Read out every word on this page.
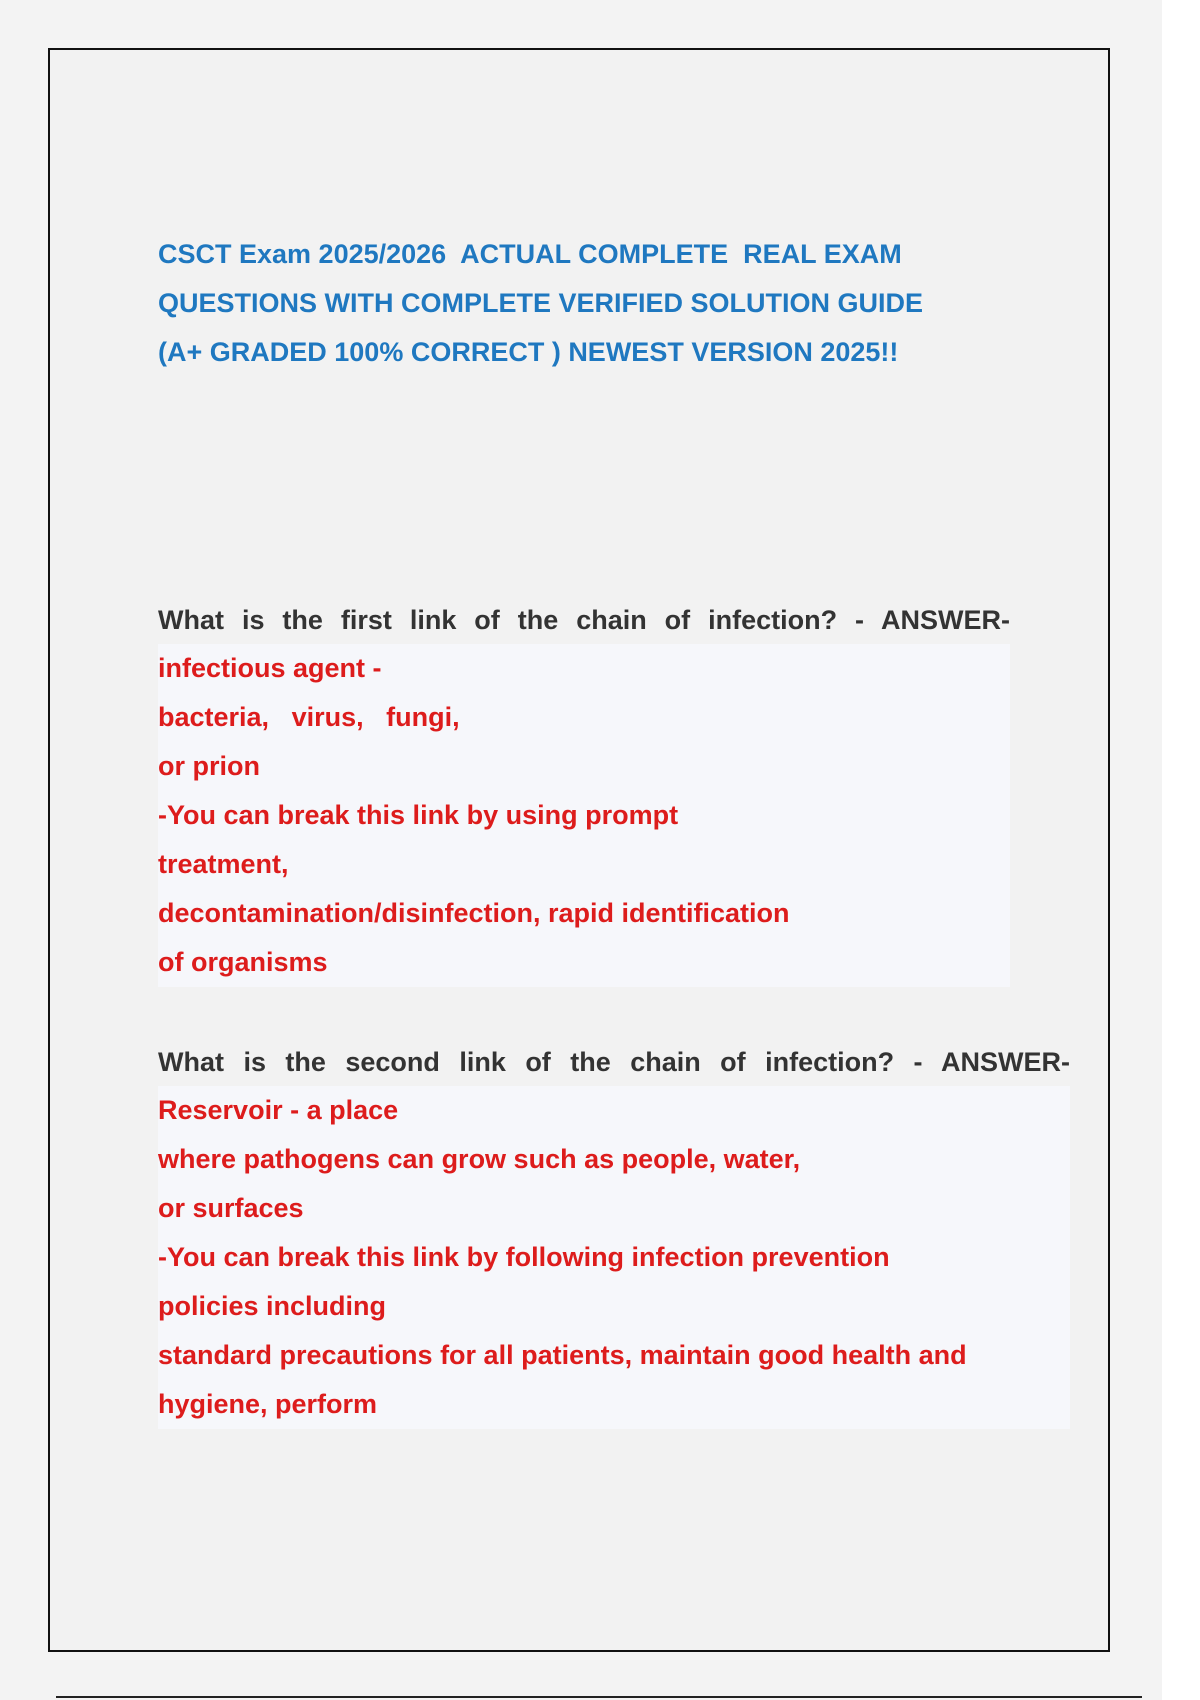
CSCT Exam 2025/2026  ACTUAL COMPLETE  REAL EXAM
QUESTIONS WITH COMPLETE VERIFIED SOLUTION GUIDE
(A+ GRADED 100% CORRECT ) NEWEST VERSION 2025!!
What is the first link of the chain of infection? - ANSWER-
infectious agent -
bacteria,   virus,   fungi,
or prion
-You can break this link by using prompt
treatment,
decontamination/disinfection, rapid identification
of organisms
What is the second link of the chain of infection? - ANSWER-
Reservoir - a place
where pathogens can grow such as people, water,
or surfaces
-You can break this link by following infection prevention
policies including
standard precautions for all patients, maintain good health and
hygiene, perform
